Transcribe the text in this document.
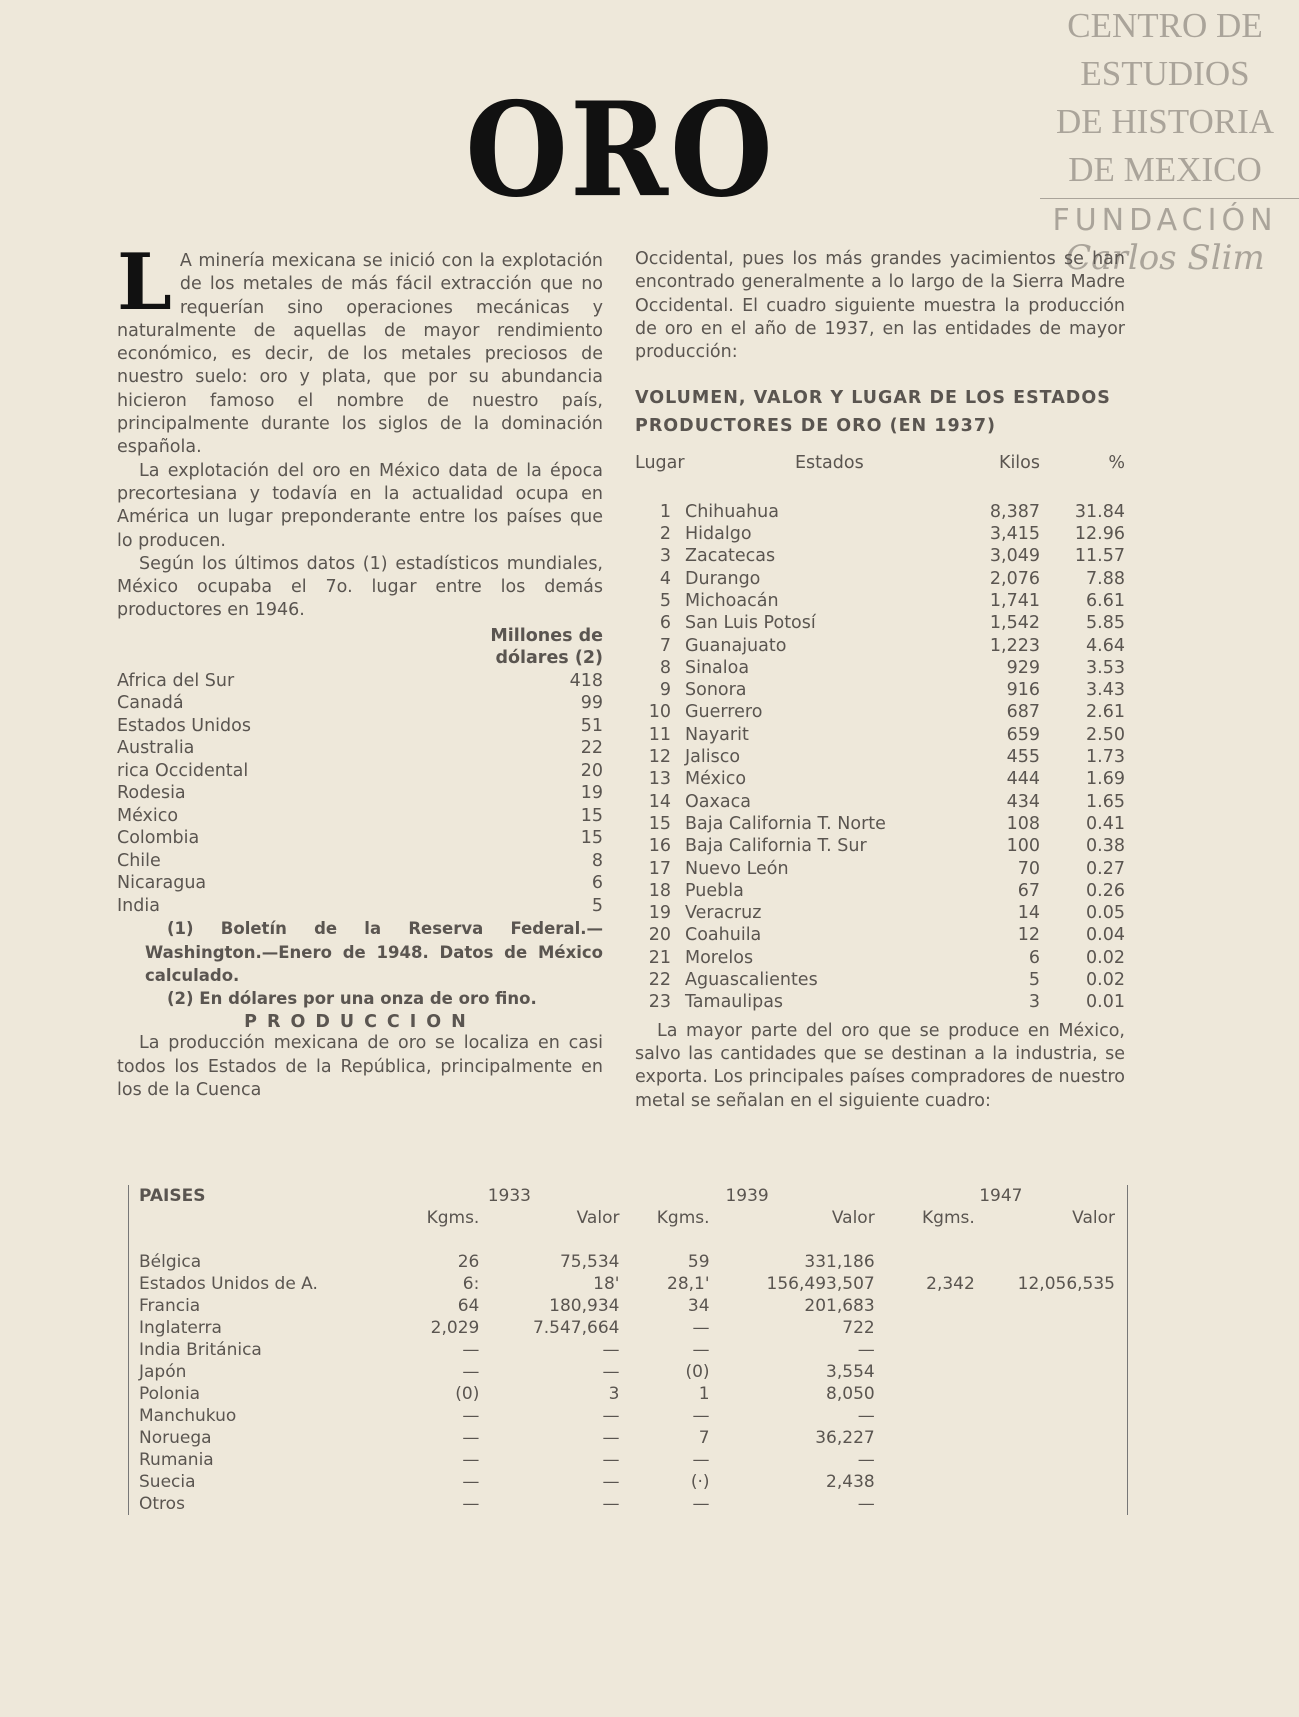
CENTRO DE
ESTUDIOS
DE HISTORIA
DE MEXICO
FUNDACIÓN
Carlos Slim
ORO
L A minería mexicana se inició con la explotación de los metales de más fácil extracción que no requerían sino operaciones mecánicas y naturalmente de aquellas de mayor rendimiento económico, es decir, de los metales preciosos de nuestro suelo: oro y plata, que por su abundancia hicieron famoso el nombre de nuestro país, principalmente durante los siglos de la dominación española.

La explotación del oro en México data de la época precortesiana y todavía en la actualidad ocupa en América un lugar preponderante entre los países que lo producen.

Según los últimos datos (1) estadísticos mundiales, México ocupaba el 7o. lugar entre los demás productores en 1946.

	Millones de
	dólares (2)
Africa del Sur	418
Canadá	99
Estados Unidos	51
Australia	22
rica Occidental	20
Rodesia	19
México	15
Colombia	15
Chile	8
Nicaragua	6
India	5

(1) Boletín de la Reserva Federal.—Washington.—Enero de 1948. Datos de México calculado.

(2) En dólares por una onza de oro fino.

PRODUCCION

La producción mexicana de oro se localiza en casi todos los Estados de la República, principalmente en los de la Cuenca

Occidental, pues los más grandes yacimientos se han encontrado generalmente a lo largo de la Sierra Madre Occidental. El cuadro siguiente muestra la producción de oro en el año de 1937, en las entidades de mayor producción:

VOLUMEN, VALOR Y LUGAR DE LOS ESTADOS PRODUCTORES DE ORO (EN 1937)
Lugar	Estados	Kilos	%
1	Chihuahua	8,387	31.84
2	Hidalgo	3,415	12.96
3	Zacatecas	3,049	11.57
4	Durango	2,076	7.88
5	Michoacán	1,741	6.61
6	San Luis Potosí	1,542	5.85
7	Guanajuato	1,223	4.64
8	Sinaloa	929	3.53
9	Sonora	916	3.43
10	Guerrero	687	2.61
11	Nayarit	659	2.50
12	Jalisco	455	1.73
13	México	444	1.69
14	Oaxaca	434	1.65
15	Baja California T. Norte	108	0.41
16	Baja California T. Sur	100	0.38
17	Nuevo León	70	0.27
18	Puebla	67	0.26
19	Veracruz	14	0.05
20	Coahuila	12	0.04
21	Morelos	6	0.02
22	Aguascalientes	5	0.02
23	Tamaulipas	3	0.01

La mayor parte del oro que se produce en México, salvo las cantidades que se destinan a la industria, se exporta. Los principales países compradores de nuestro metal se señalan en el siguiente cuadro:

PAISES	1933		1939		1947	
	Kgms.	Valor	Kgms.	Valor	Kgms.	Valor

Bélgica	26	75,534	59	331,186		
Estados Unidos de A.	6:	18'	28,1'	156,493,507	2,342	12,056,535
Francia	64	180,934	34	201,683		
Inglaterra	2,029	7.547,664	—	722		
India Británica	—	—	—	—		
Japón	—	—	(0)	3,554		
Polonia	(0)	3	1	8,050		
Manchukuo	—	—	—	—		
Noruega	—	—	7	36,227		
Rumania	—	—	—	—		
Suecia	—	—	(·)	2,438		
Otros	—	—	—	—		
